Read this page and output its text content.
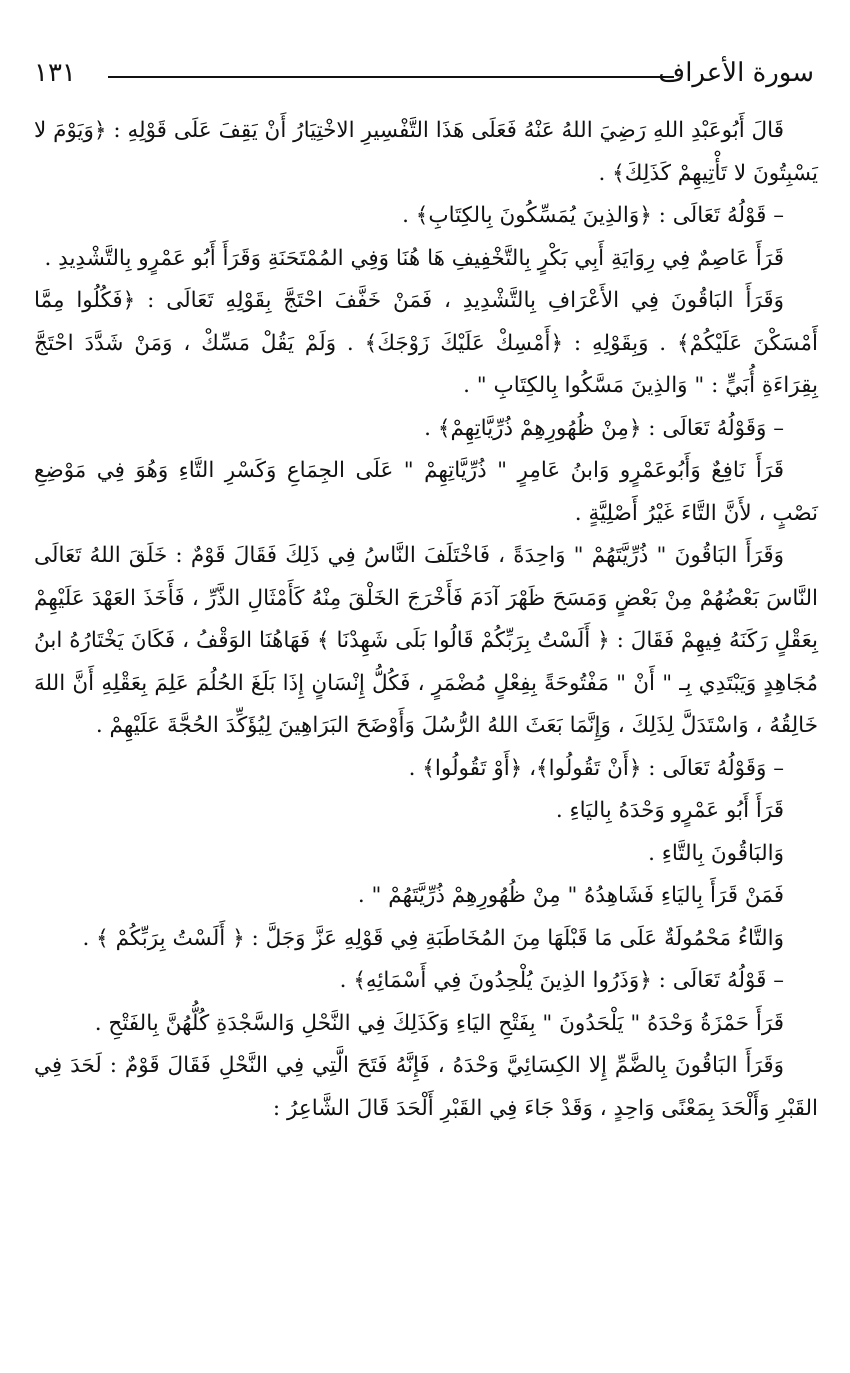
سورة الأعراف
١٣١

قَالَ أَبُوعَبْدِ اللهِ رَضِيَ اللهُ عَنْهُ فَعَلَى هَذَا التَّفْسِيرِ الاخْتِيَارُ أَنْ يَقِفَ عَلَى قَوْلِهِ : ﴿وَيَوْمَ لا يَسْبِتُونَ لا تَأْتِيهِمْ كَذَلِكَ﴾ .

– قَوْلُهُ تَعَالَى : ﴿وَالذِينَ يُمَسِّكُونَ بِالكِتَابِ﴾ .

قَرَأَ عَاصِمٌ فِي رِوَايَةِ أَبِي بَكْرٍ بِالتَّخْفِيفِ هَا هُنَا وَفِي المُمْتَحَنَةِ وَقَرَأَ أَبُو عَمْرٍو بِالتَّشْدِيدِ .

وَقَرَأَ البَاقُونَ فِي الأَعْرَافِ بِالتَّشْدِيدِ ، فَمَنْ خَفَّفَ احْتَجَّ بِقَوْلِهِ تَعَالَى : ﴿فَكُلُوا مِمَّا أَمْسَكْنَ عَلَيْكُمْ﴾ . وَبِقَوْلِهِ : ﴿أَمْسِكْ عَلَيْكَ زَوْجَكَ﴾ . وَلَمْ يَقُلْ مَسِّكْ ، وَمَنْ شَدَّدَ احْتَجَّ بِقِرَاءَةِ أُبَيٍّ : " وَالذِينَ مَسَّكُوا بِالكِتَابِ " .

– وَقَوْلُهُ تَعَالَى : ﴿مِنْ ظُهُورِهِمْ ذُرِّيَّاتِهِمْ﴾ .

قَرَأَ نَافِعٌ وَأَبُوعَمْرٍو وَابنُ عَامِرٍ " ذُرِّيَّاتِهِمْ " عَلَى الجِمَاعِ وَكَسْرِ التَّاءِ وَهُوَ فِي مَوْضِعِ نَصْبٍ ، لأَنَّ التَّاءَ غَيْرُ أَصْلِيَّةٍ .

وَقَرَأَ البَاقُونَ " ذُرِّيَّتَهُمْ " وَاحِدَةً ، فَاخْتَلَفَ النَّاسُ فِي ذَلِكَ فَقَالَ قَوْمٌ : خَلَقَ اللهُ تَعَالَى النَّاسَ بَعْضُهُمْ مِنْ بَعْضٍ وَمَسَحَ ظَهْرَ آدَمَ فَأَخْرَجَ الخَلْقَ مِنْهُ كَأَمْثَالِ الذَّرِّ ، فَأَخَذَ العَهْدَ عَلَيْهِمْ بِعَقْلٍ رَكَنَهُ فِيهِمْ فَقَالَ : ﴿ أَلَسْتُ بِرَبِّكُمْ قَالُوا بَلَى شَهِدْنَا ﴾ فَهَاهُنَا الوَقْفُ ، فَكَانَ يَخْتَارُهُ ابنُ مُجَاهِدٍ وَيَبْتَدِي بِـ " أَنْ " مَفْتُوحَةً بِفِعْلٍ مُضْمَرٍ ، فَكُلُّ إِنْسَانٍ إِذَا بَلَغَ الحُلُمَ عَلِمَ بِعَقْلِهِ أَنَّ اللهَ خَالِقُهُ ، وَاسْتَدَلَّ لِذَلِكَ ، وَإِنَّمَا بَعَثَ اللهُ الرُّسُلَ وَأَوْضَحَ البَرَاهِينَ لِيُؤَكِّدَ الحُجَّةَ عَلَيْهِمْ .

– وَقَوْلُهُ تَعَالَى : ﴿أَنْ تَقُولُوا﴾، ﴿أَوْ تَقُولُوا﴾ .

قَرَأَ أَبُو عَمْرٍو وَحْدَهُ بِاليَاءِ .

وَالبَاقُونَ بِالتَّاءِ .

فَمَنْ قَرَأَ بِاليَاءِ فَشَاهِدُهُ " مِنْ ظُهُورِهِمْ ذُرِّيَّتَهُمْ " .

وَالتَّاءُ مَحْمُولَةٌ عَلَى مَا قَبْلَهَا مِنَ المُخَاطَبَةِ فِي قَوْلِهِ عَزَّ وَجَلَّ : ﴿ أَلَسْتُ بِرَبِّكُمْ ﴾ .

– قَوْلُهُ تَعَالَى : ﴿وَذَرُوا الذِينَ يُلْحِدُونَ فِي أَسْمَائِهِ﴾ .

قَرَأَ حَمْزَةُ وَحْدَهُ " يَلْحَدُونَ " بِفَتْحِ اليَاءِ وَكَذَلِكَ فِي النَّحْلِ وَالسَّجْدَةِ كُلُّهُنَّ بِالفَتْحِ .

وَقَرَأَ البَاقُونَ بِالضَّمِّ إِلا الكِسَائِيَّ وَحْدَهُ ، فَإِنَّهُ فَتَحَ الَّتِي فِي النَّحْلِ فَقَالَ قَوْمٌ : لَحَدَ فِي القَبْرِ وَأَلْحَدَ بِمَعْنًى وَاحِدٍ ، وَقَدْ جَاءَ فِي القَبْرِ أَلْحَدَ قَالَ الشَّاعِرُ :
